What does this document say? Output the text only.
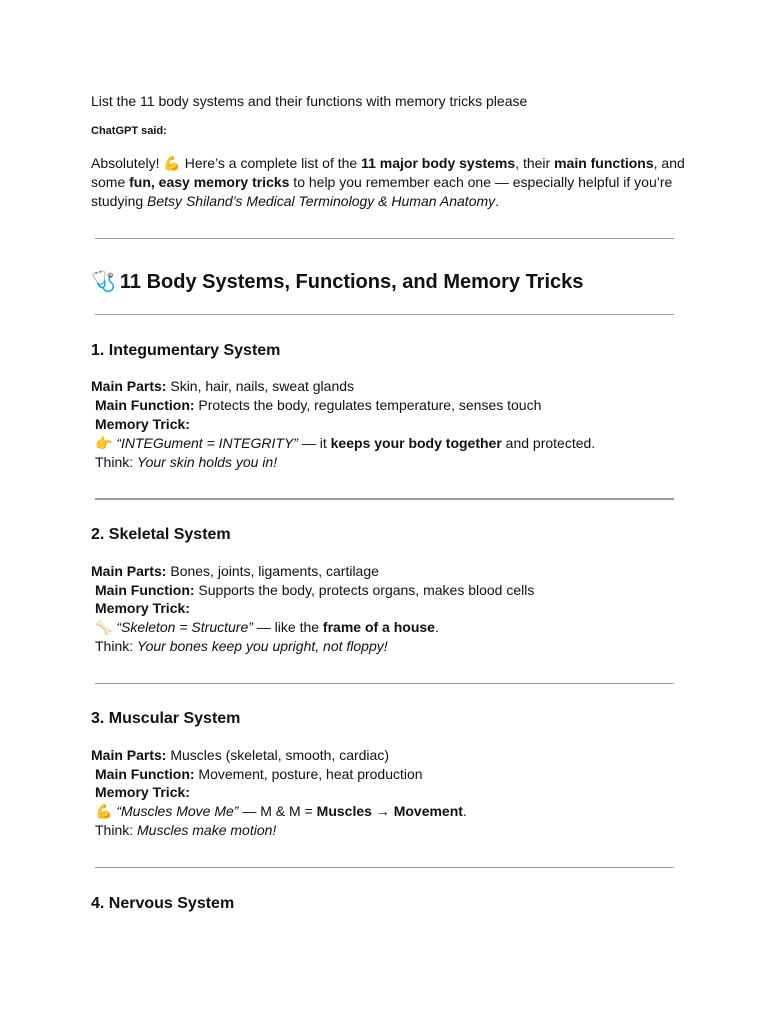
List the 11 body systems and their functions with memory tricks please

ChatGPT said:

Absolutely! 💪 Here’s a complete list of the 11 major body systems, their main functions, and some fun, easy memory tricks to help you remember each one — especially helpful if you’re studying Betsy Shiland’s Medical Terminology & Human Anatomy.

🩺 11 Body Systems, Functions, and Memory Tricks
1. Integumentary System

Main Parts: Skin, hair, nails, sweat glands

Main Function: Protects the body, regulates temperature, senses touch

Memory Trick:

👉 “INTEGument = INTEGRITY” — it keeps your body together and protected.

Think: Your skin holds you in!

2. Skeletal System

Main Parts: Bones, joints, ligaments, cartilage

Main Function: Supports the body, protects organs, makes blood cells

Memory Trick:

🦴 “Skeleton = Structure” — like the frame of a house.

Think: Your bones keep you upright, not floppy!

3. Muscular System

Main Parts: Muscles (skeletal, smooth, cardiac)

Main Function: Movement, posture, heat production

Memory Trick:

💪 “Muscles Move Me” — M & M = Muscles → Movement.

Think: Muscles make motion!

4. Nervous System
